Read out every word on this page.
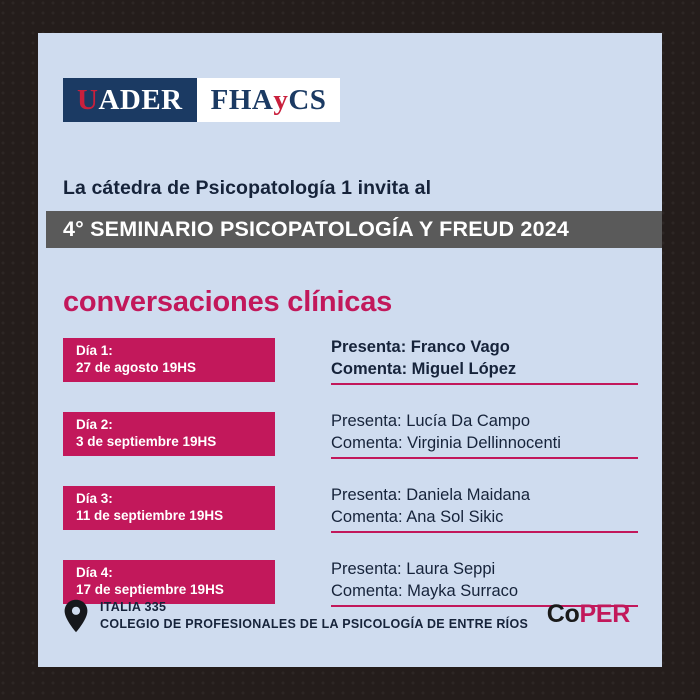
U ADER FHA y CS
La cátedra de Psicopatología 1 invita al
4° SEMINARIO PSICOPATOLOGÍA Y FREUD 2024
conversaciones clínicas
Día 1:
27 de agosto 19HS
Presenta: Franco Vago
Comenta: Miguel López
Día 2:
3 de septiembre 19HS
Presenta: Lucía Da Campo
Comenta: Virginia Dellinnocenti
Día 3:
11 de septiembre 19HS
Presenta: Daniela Maidana
Comenta: Ana Sol Sikic
Día 4:
17 de septiembre 19HS
Presenta: Laura Seppi
Comenta: Mayka Surraco
ITALIA 335
COLEGIO DE PROFESIONALES DE LA PSICOLOGÍA DE ENTRE RÍOS CoPER
